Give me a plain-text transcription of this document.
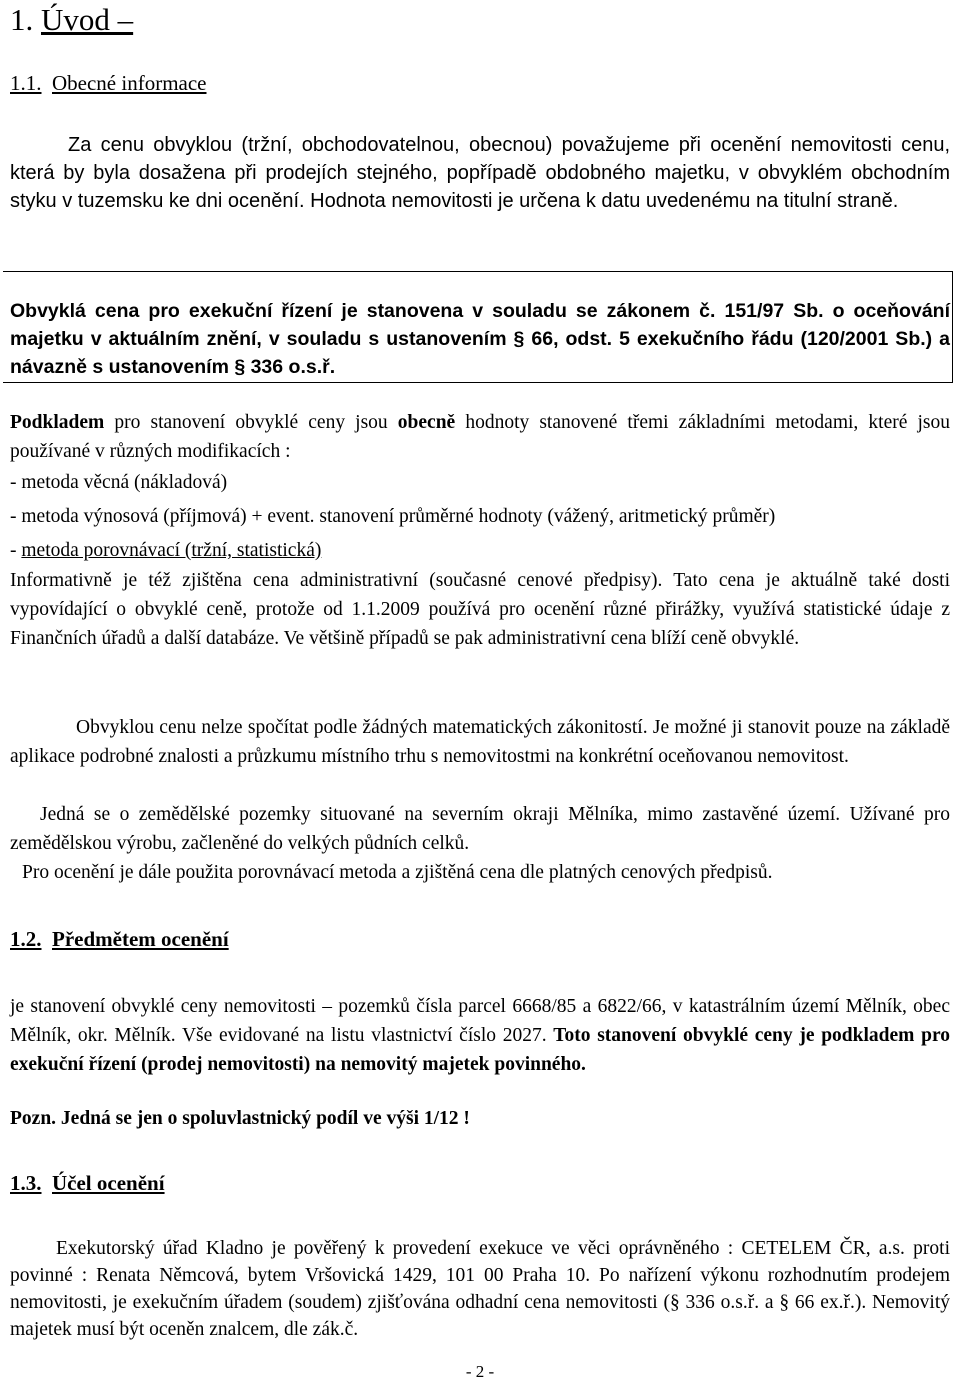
1. Úvod –
1.1. Obecné informace

Za cenu obvyklou (tržní, obchodovatelnou, obecnou) považujeme při ocenění nemovitosti cenu, která by byla dosažena při prodejích stejného, popřípadě obdobného majetku, v obvyklém obchodním styku v tuzemsku ke dni ocenění. Hodnota nemovitosti je určena k datu uvedenému na titulní straně.

Obvyklá cena pro exekuční řízení je stanovena v souladu se zákonem č. 151/97 Sb. o oceňování majetku v aktuálním znění, v souladu s ustanovením § 66, odst. 5 exekučního řádu (120/2001 Sb.) a návazně s ustanovením § 336 o.s.ř.

Podkladem pro stanovení obvyklé ceny jsou obecně hodnoty stanovené třemi základními metodami, které jsou používané v různých modifikacích :

- metoda věcná (nákladová)

- metoda výnosová (příjmová) + event. stanovení průměrné hodnoty (vážený, aritmetický průměr)

- metoda porovnávací (tržní, statistická)

Informativně je též zjištěna cena administrativní (současné cenové předpisy). Tato cena je aktuálně také dosti vypovídající o obvyklé ceně, protože od 1.1.2009 používá pro ocenění různé přirážky, využívá statistické údaje z Finančních úřadů a další databáze. Ve většině případů se pak administrativní cena blíží ceně obvyklé.

Obvyklou cenu nelze spočítat podle žádných matematických zákonitostí. Je možné ji stanovit pouze na základě aplikace podrobné znalosti a průzkumu místního trhu s nemovitostmi na konkrétní oceňovanou nemovitost.

Jedná se o zemědělské pozemky situované na severním okraji Mělníka, mimo zastavěné území. Užívané pro zemědělskou výrobu, začleněné do velkých půdních celků.

Pro ocenění je dále použita porovnávací metoda a zjištěná cena dle platných cenových předpisů.

1.2. Předmětem ocenění

je stanovení obvyklé ceny nemovitosti – pozemků čísla parcel 6668/85 a 6822/66, v katastrálním území Mělník, obec Mělník, okr. Mělník. Vše evidované na listu vlastnictví číslo 2027. Toto stanovení obvyklé ceny je podkladem pro exekuční řízení (prodej nemovitosti) na nemovitý majetek povinného.

Pozn. Jedná se jen o spoluvlastnický podíl ve výši 1/12 !

1.3. Účel ocenění

Exekutorský úřad Kladno je pověřený k provedení exekuce ve věci oprávněného : CETELEM ČR, a.s. proti povinné : Renata Němcová, bytem Vršovická 1429, 101 00 Praha 10. Po nařízení výkonu rozhodnutím prodejem nemovitosti, je exekučním úřadem (soudem) zjišťována odhadní cena nemovitosti (§ 336 o.s.ř. a § 66 ex.ř.). Nemovitý majetek musí být oceněn znalcem, dle zák.č.

- 2 -
